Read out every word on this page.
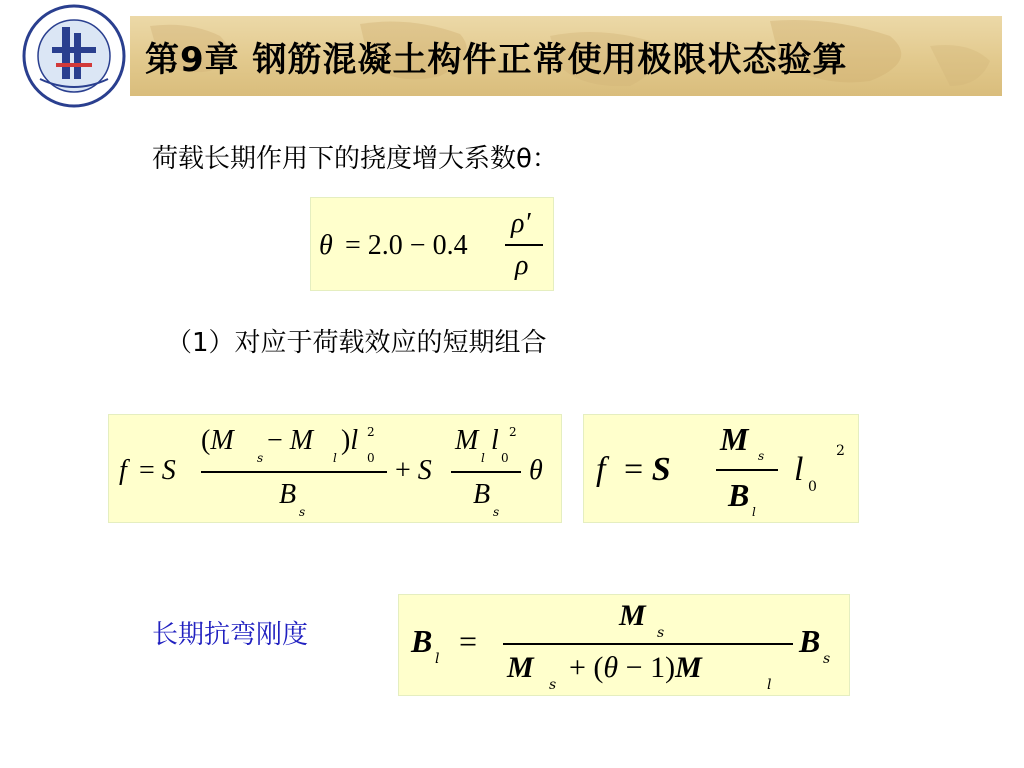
第9章 钢筋混凝土构件正常使用极限状态验算
荷载长期作用下的挠度增大系数θ：
θ = 2.0 − 0.4
ρ′
ρ
（1）对应于荷载效应的短期组合
f = S
(M
s
− M
l
)l
0
2
B
s
+ S
M
l
l
0
2
B
s
θ f = S
M s
B l
l 0
2
长期抗弯刚度	B l =
M
s
M
s
+ (θ − 1)M
l
B s
